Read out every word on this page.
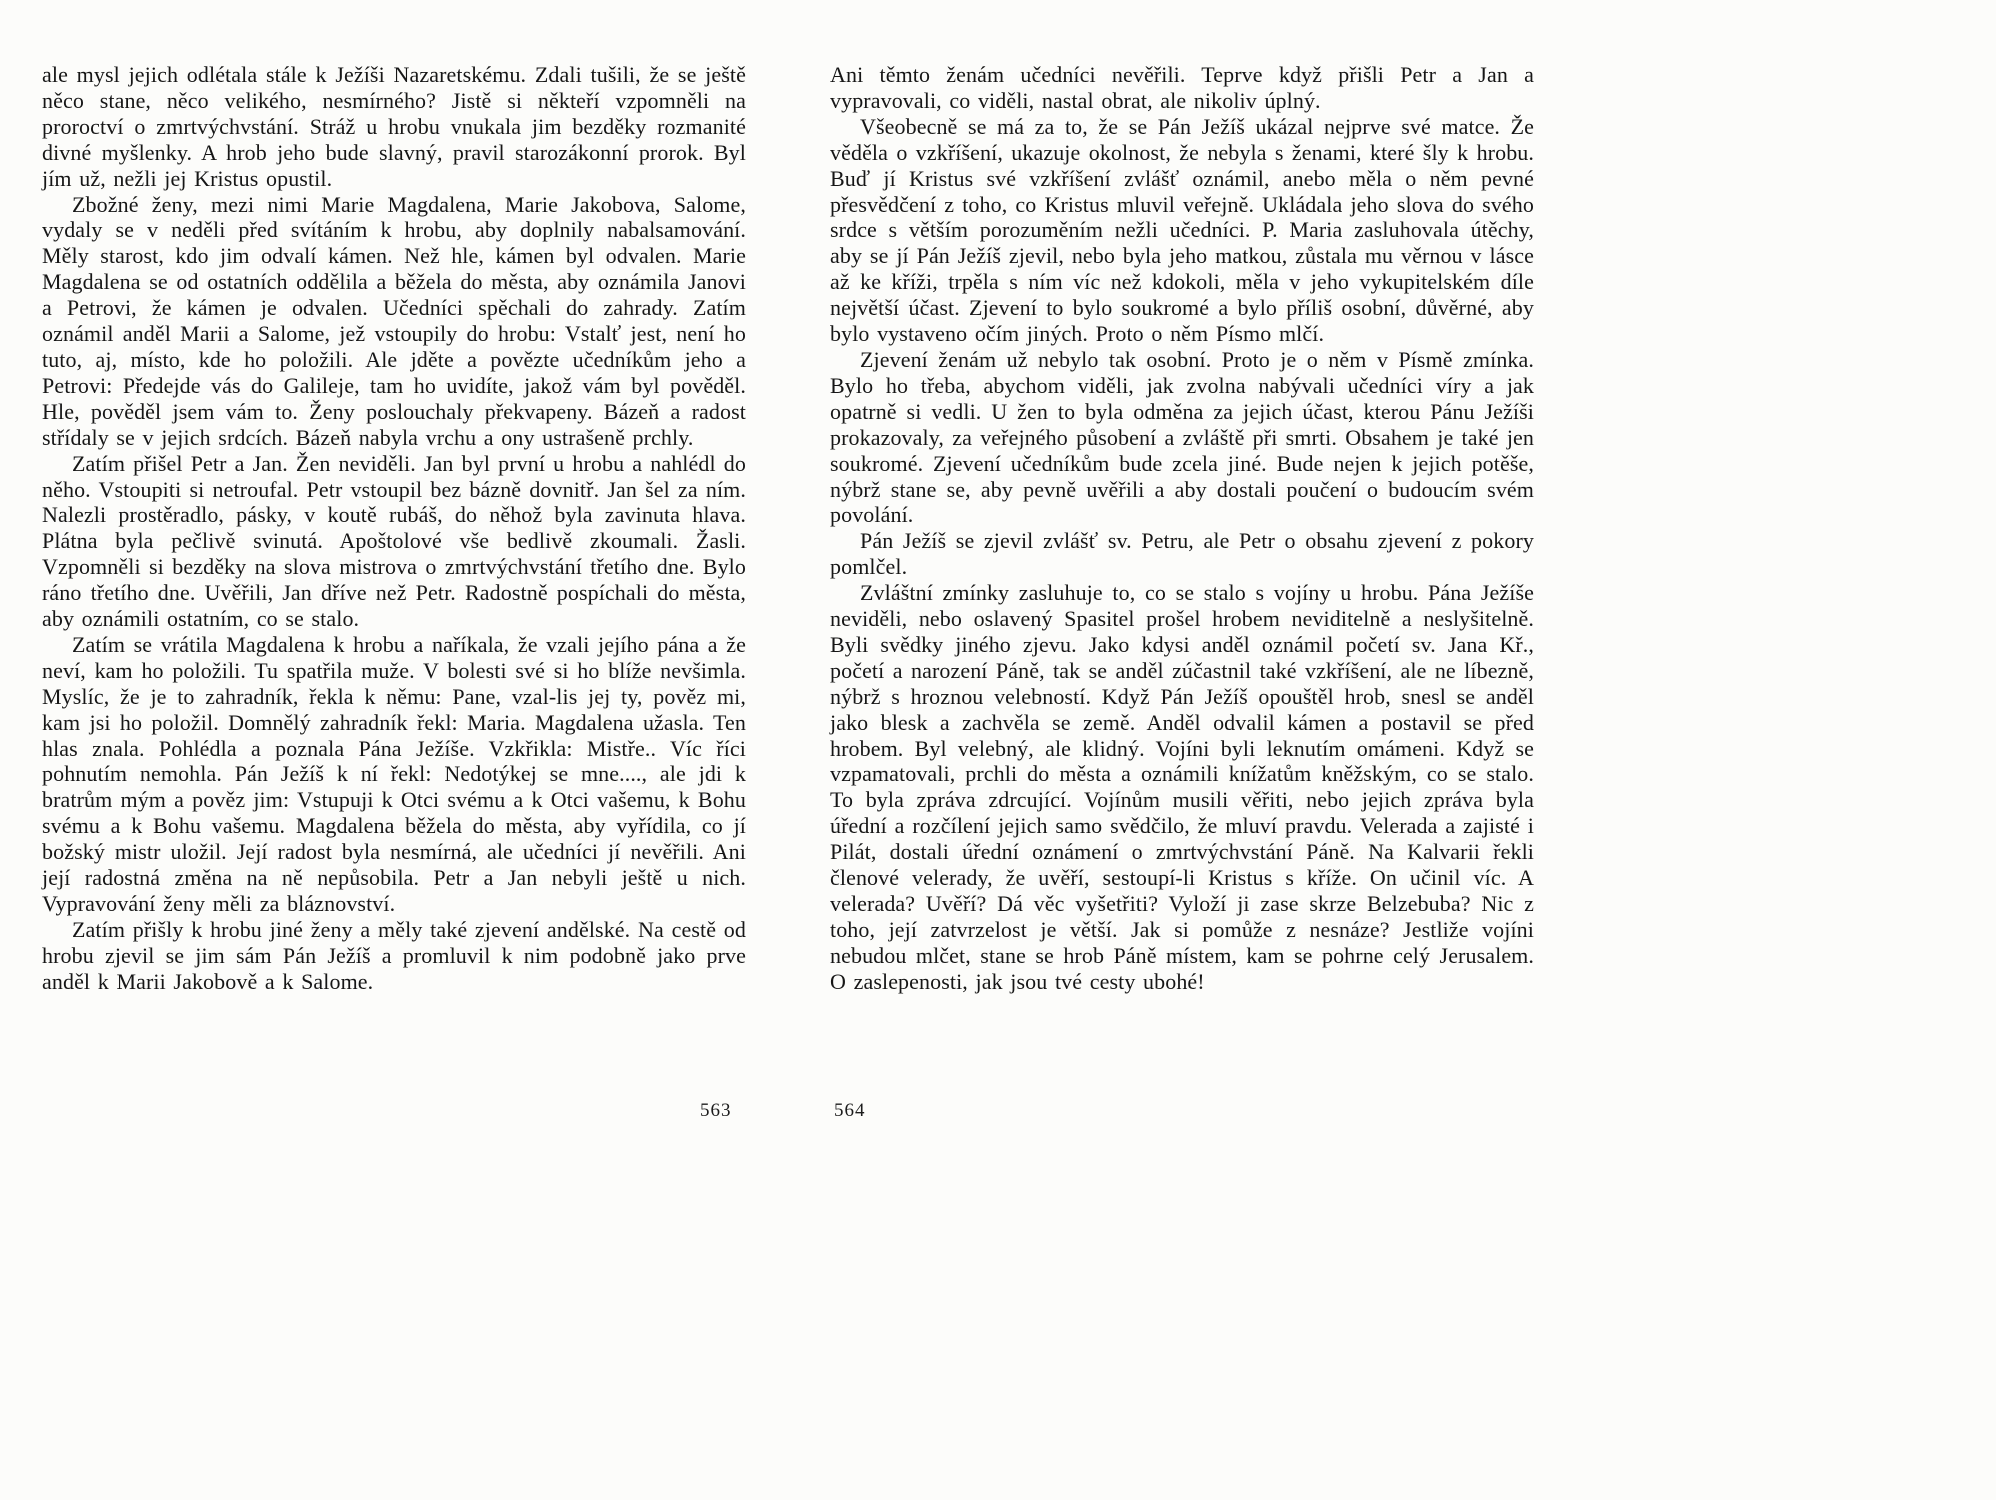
ale mysl jejich odlétala stále k Ježíši Nazaretskému. Zdali tušili, že se ještě něco stane, něco velikého, nesmírného? Jistě si někteří vzpomněli na proroctví o zmrtvýchvstání. Stráž u hrobu vnukala jim bezděky rozmanité divné myšlenky. A hrob jeho bude slavný, pravil starozákonní prorok. Byl jím už, nežli jej Kristus opustil.

Zbožné ženy, mezi nimi Marie Magdalena, Marie Jakobova, Salome, vydaly se v neděli před svítáním k hrobu, aby doplnily nabalsamování. Měly starost, kdo jim odvalí kámen. Než hle, kámen byl odvalen. Marie Magdalena se od ostatních oddělila a běžela do města, aby oznámila Janovi a Petrovi, že kámen je odvalen. Učedníci spěchali do zahrady. Zatím oznámil anděl Marii a Salome, jež vstoupily do hrobu: Vstalť jest, není ho tuto, aj, místo, kde ho položili. Ale jděte a povězte učedníkům jeho a Petrovi: Předejde vás do Galileje, tam ho uvidíte, jakož vám byl pověděl. Hle, pověděl jsem vám to. Ženy poslouchaly překvapeny. Bázeň a radost střídaly se v jejich srdcích. Bázeň nabyla vrchu a ony ustrašeně prchly.

Zatím přišel Petr a Jan. Žen neviděli. Jan byl první u hrobu a nahlédl do něho. Vstoupiti si netroufal. Petr vstoupil bez bázně dovnitř. Jan šel za ním. Nalezli prostěradlo, pásky, v koutě rubáš, do něhož byla zavinuta hlava. Plátna byla pečlivě svinutá. Apoštolové vše bedlivě zkoumali. Žasli. Vzpomněli si bezděky na slova mistrova o zmrtvýchvstání třetího dne. Bylo ráno třetího dne. Uvěřili, Jan dříve než Petr. Radostně pospíchali do města, aby oznámili ostatním, co se stalo.

Zatím se vrátila Magdalena k hrobu a naříkala, že vzali jejího pána a že neví, kam ho položili. Tu spatřila muže. V bolesti své si ho blíže nevšimla. Myslíc, že je to zahradník, řekla k němu: Pane, vzal-lis jej ty, pověz mi, kam jsi ho položil. Domnělý zahradník řekl: Maria. Magdalena užasla. Ten hlas znala. Pohlédla a poznala Pána Ježíše. Vzkřikla: Mistře.. Víc říci pohnutím nemohla. Pán Ježíš k ní řekl: Nedotýkej se mne...., ale jdi k bratrům mým a pověz jim: Vstupuji k Otci svému a k Otci vašemu, k Bohu svému a k Bohu vašemu. Magdalena běžela do města, aby vyřídila, co jí božský mistr uložil. Její radost byla nesmírná, ale učedníci jí nevěřili. Ani její radostná změna na ně nepůsobila. Petr a Jan nebyli ještě u nich. Vypravování ženy měli za bláznovství.

Zatím přišly k hrobu jiné ženy a měly také zjevení andělské. Na cestě od hrobu zjevil se jim sám Pán Ježíš a promluvil k nim podobně jako prve anděl k Marii Jakobově a k Salome.

Ani těmto ženám učedníci nevěřili. Teprve když přišli Petr a Jan a vypravovali, co viděli, nastal obrat, ale nikoliv úplný.

Všeobecně se má za to, že se Pán Ježíš ukázal nejprve své matce. Že věděla o vzkříšení, ukazuje okolnost, že nebyla s ženami, které šly k hrobu. Buď jí Kristus své vzkříšení zvlášť oznámil, anebo měla o něm pevné přesvědčení z toho, co Kristus mluvil veřejně. Ukládala jeho slova do svého srdce s větším porozuměním nežli učedníci. P. Maria zasluhovala útěchy, aby se jí Pán Ježíš zjevil, nebo byla jeho matkou, zůstala mu věrnou v lásce až ke kříži, trpěla s ním víc než kdokoli, měla v jeho vykupitelském díle největší účast. Zjevení to bylo soukromé a bylo příliš osobní, důvěrné, aby bylo vystaveno očím jiných. Proto o něm Písmo mlčí.

Zjevení ženám už nebylo tak osobní. Proto je o něm v Písmě zmínka. Bylo ho třeba, abychom viděli, jak zvolna nabývali učedníci víry a jak opatrně si vedli. U žen to byla odměna za jejich účast, kterou Pánu Ježíši prokazovaly, za veřejného působení a zvláště při smrti. Obsahem je také jen soukromé. Zjevení učedníkům bude zcela jiné. Bude nejen k jejich potěše, nýbrž stane se, aby pevně uvěřili a aby dostali poučení o budoucím svém povolání.

Pán Ježíš se zjevil zvlášť sv. Petru, ale Petr o obsahu zjevení z pokory pomlčel.

Zvláštní zmínky zasluhuje to, co se stalo s vojíny u hrobu. Pána Ježíše neviděli, nebo oslavený Spasitel prošel hrobem neviditelně a neslyšitelně. Byli svědky jiného zjevu. Jako kdysi anděl oznámil početí sv. Jana Kř., početí a narození Páně, tak se anděl zúčastnil také vzkříšení, ale ne líbezně, nýbrž s hroznou velebností. Když Pán Ježíš opouštěl hrob, snesl se anděl jako blesk a zachvěla se země. Anděl odvalil kámen a postavil se před hrobem. Byl velebný, ale klidný. Vojíni byli leknutím omámeni. Když se vzpamatovali, prchli do města a oznámili knížatům kněžským, co se stalo. To byla zpráva zdrcující. Vojínům musili věřiti, nebo jejich zpráva byla úřední a rozčílení jejich samo svědčilo, že mluví pravdu. Velerada a zajisté i Pilát, dostali úřední oznámení o zmrtvýchvstání Páně. Na Kalvarii řekli členové velerady, že uvěří, sestoupí-li Kristus s kříže. On učinil víc. A velerada? Uvěří? Dá věc vyšetřiti? Vyloží ji zase skrze Belzebuba? Nic z toho, její zatvrzelost je větší. Jak si pomůže z nesnáze? Jestliže vojíni nebudou mlčet, stane se hrob Páně místem, kam se pohrne celý Jerusalem. O zaslepenosti, jak jsou tvé cesty ubohé!

563	564
